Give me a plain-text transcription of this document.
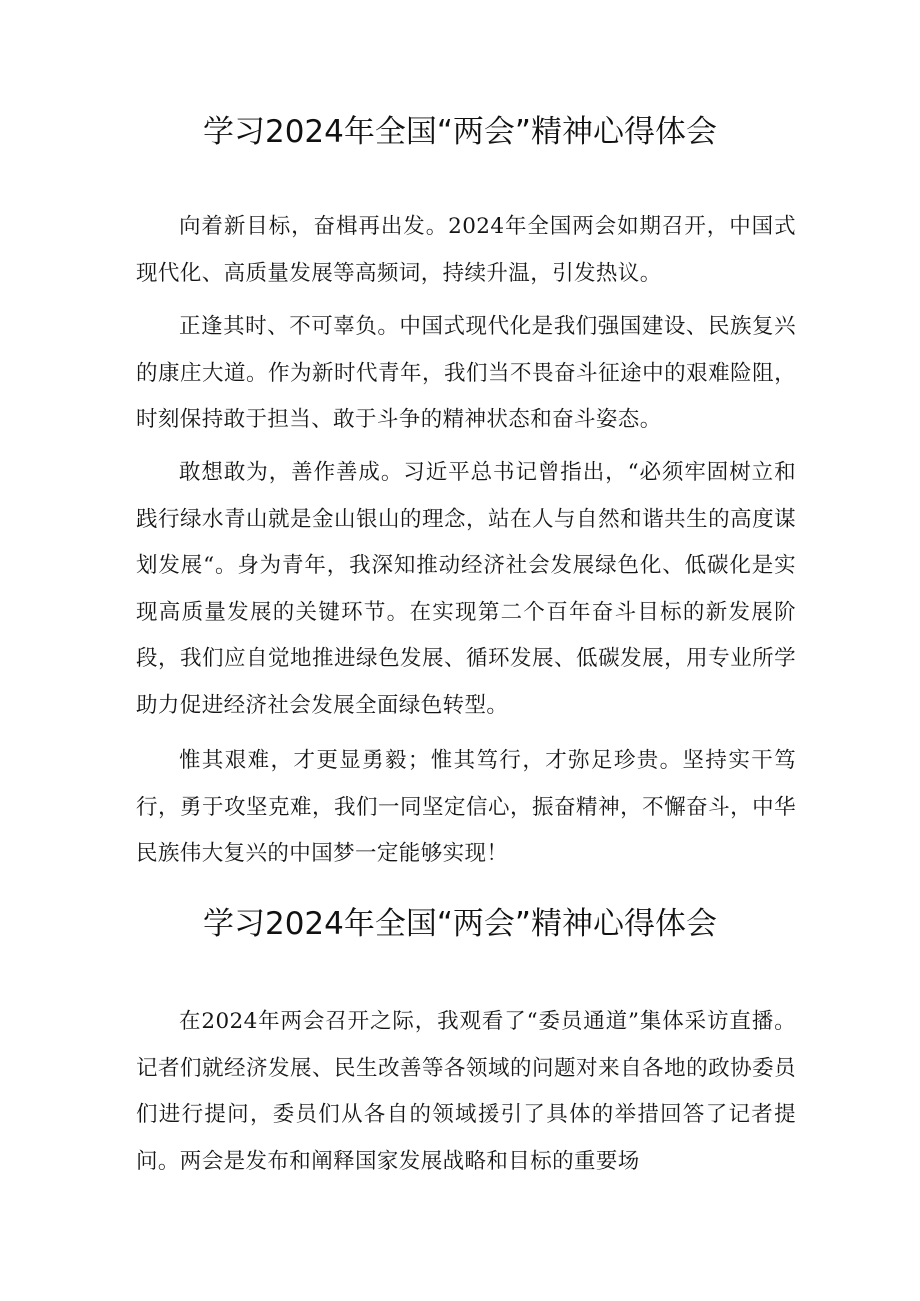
学习2024年全国“两会”精神心得体会

向着新目标，奋楫再出发。2024年全国两会如期召开，中国式现代化、高质量发展等高频词，持续升温，引发热议。

正逢其时、不可辜负。中国式现代化是我们强国建设、民族复兴的康庄大道。作为新时代青年，我们当不畏奋斗征途中的艰难险阻，时刻保持敢于担当、敢于斗争的精神状态和奋斗姿态。

敢想敢为，善作善成。习近平总书记曾指出，“必须牢固树立和践行绿水青山就是金山银山的理念，站在人与自然和谐共生的高度谋划发展“。身为青年，我深知推动经济社会发展绿色化、低碳化是实现高质量发展的关键环节。在实现第二个百年奋斗目标的新发展阶段，我们应自觉地推进绿色发展、循环发展、低碳发展，用专业所学助力促进经济社会发展全面绿色转型。

惟其艰难，才更显勇毅；惟其笃行，才弥足珍贵。坚持实干笃行，勇于攻坚克难，我们一同坚定信心，振奋精神，不懈奋斗，中华民族伟大复兴的中国梦一定能够实现！

学习2024年全国“两会”精神心得体会

在2024年两会召开之际，我观看了“委员通道”集体采访直播。记者们就经济发展、民生改善等各领域的问题对来自各地的政协委员们进行提问，委员们从各自的领域援引了具体的举措回答了记者提问。两会是发布和阐释国家发展战略和目标的重要场
